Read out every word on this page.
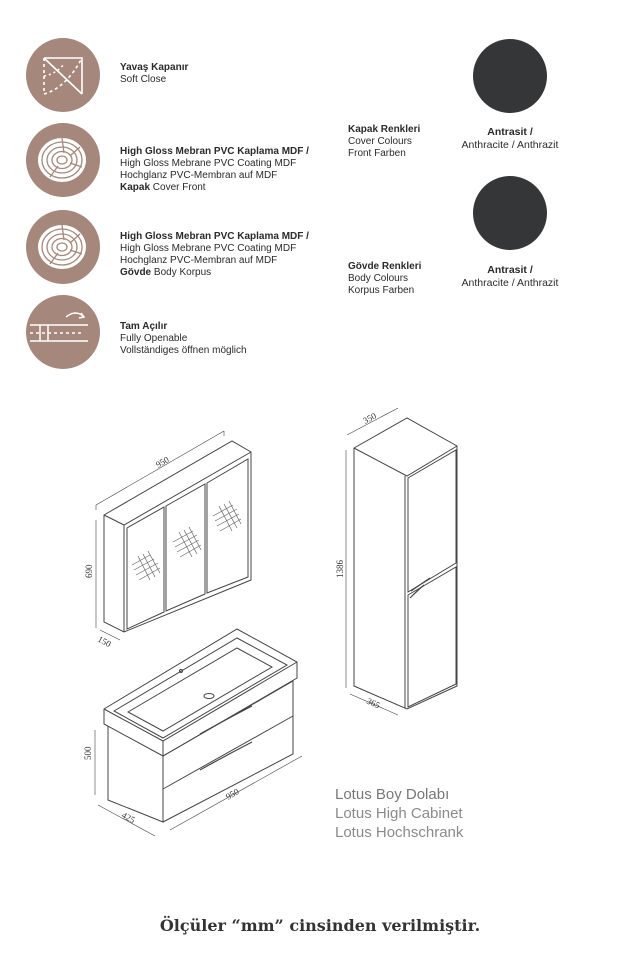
Yavaş Kapanır
Soft Close
High Gloss Mebran PVC Kaplama MDF /
High Gloss Mebrane PVC Coating MDF
Hochglanz PVC-Membran auf MDF
Kapak Cover Front
High Gloss Mebran PVC Kaplama MDF /
High Gloss Mebrane PVC Coating MDF
Hochglanz PVC-Membran auf MDF
Gövde Body Korpus
Tam Açılır
Fully Openable
Vollständiges öffnen möglich
Kapak Renkleri
Cover Colours
Front Farben
Antrasit /
Anthracite / Anthrazit
Gövde Renkleri
Body Colours
Korpus Farben
Antrasit /
Anthracite / Anthrazit
950
690
150
350
1386
365
500
950
425
Lotus Boy Dolabı
Lotus High Cabinet
Lotus Hochschrank
Ölçüler “mm” cinsinden verilmiştir.
